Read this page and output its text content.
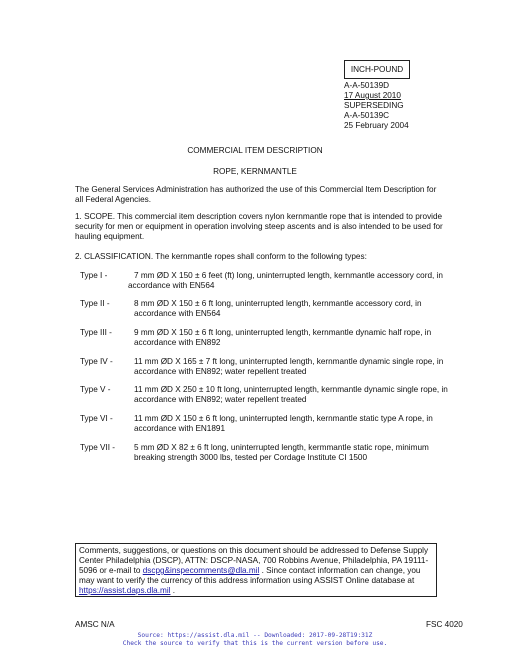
INCH-POUND
A-A-50139D
17 August 2010
SUPERSEDING
A-A-50139C
25 February 2004
COMMERCIAL ITEM DESCRIPTION
ROPE, KERNMANTLE
The General Services Administration has authorized the use of this Commercial Item Description for all Federal Agencies.
1. SCOPE. This commercial item description covers nylon kernmantle rope that is intended to provide security for men or equipment in operation involving steep ascents and is also intended to be used for hauling equipment.
2. CLASSIFICATION. The kernmantle ropes shall conform to the following types:
Type I -	7 mm ØD X 150 ± 6 feet (ft) long, uninterrupted length, kernmantle accessory cord, in accordance with EN564
Type II -	8 mm ØD X 150 ± 6 ft long, uninterrupted length, kernmantle accessory cord, in accordance with EN564
Type III -	9 mm ØD X 150 ± 6 ft long, uninterrupted length, kernmantle dynamic half rope, in accordance with EN892
Type IV -	11 mm ØD X 165 ± 7 ft long, uninterrupted length, kernmantle dynamic single rope, in accordance with EN892; water repellent treated
Type V -	11 mm ØD X 250 ± 10 ft long, uninterrupted length, kernmantle dynamic single rope, in accordance with EN892; water repellent treated
Type VI -	11 mm ØD X 150 ± 6 ft long, uninterrupted length, kernmantle static type A rope, in accordance with EN1891
Type VII -	5 mm ØD X 82 ± 6 ft long, uninterrupted length, kermmantle static rope, minimum breaking strength 3000 lbs, tested per Cordage Institute CI 1500
Comments, suggestions, or questions on this document should be addressed to Defense Supply Center Philadelphia (DSCP), ATTN: DSCP-NASA, 700 Robbins Avenue, Philadelphia, PA 19111-5096 or e-mail to dscpg&inspecomments@dla.mil . Since contact information can change, you may want to verify the currency of this address information using ASSIST Online database at https://assist.daps.dla.mil .
AMSC N/A	FSC 4020
Source: https://assist.dla.mil -- Downloaded: 2017-09-28T19:31Z
Check the source to verify that this is the current version before use.
